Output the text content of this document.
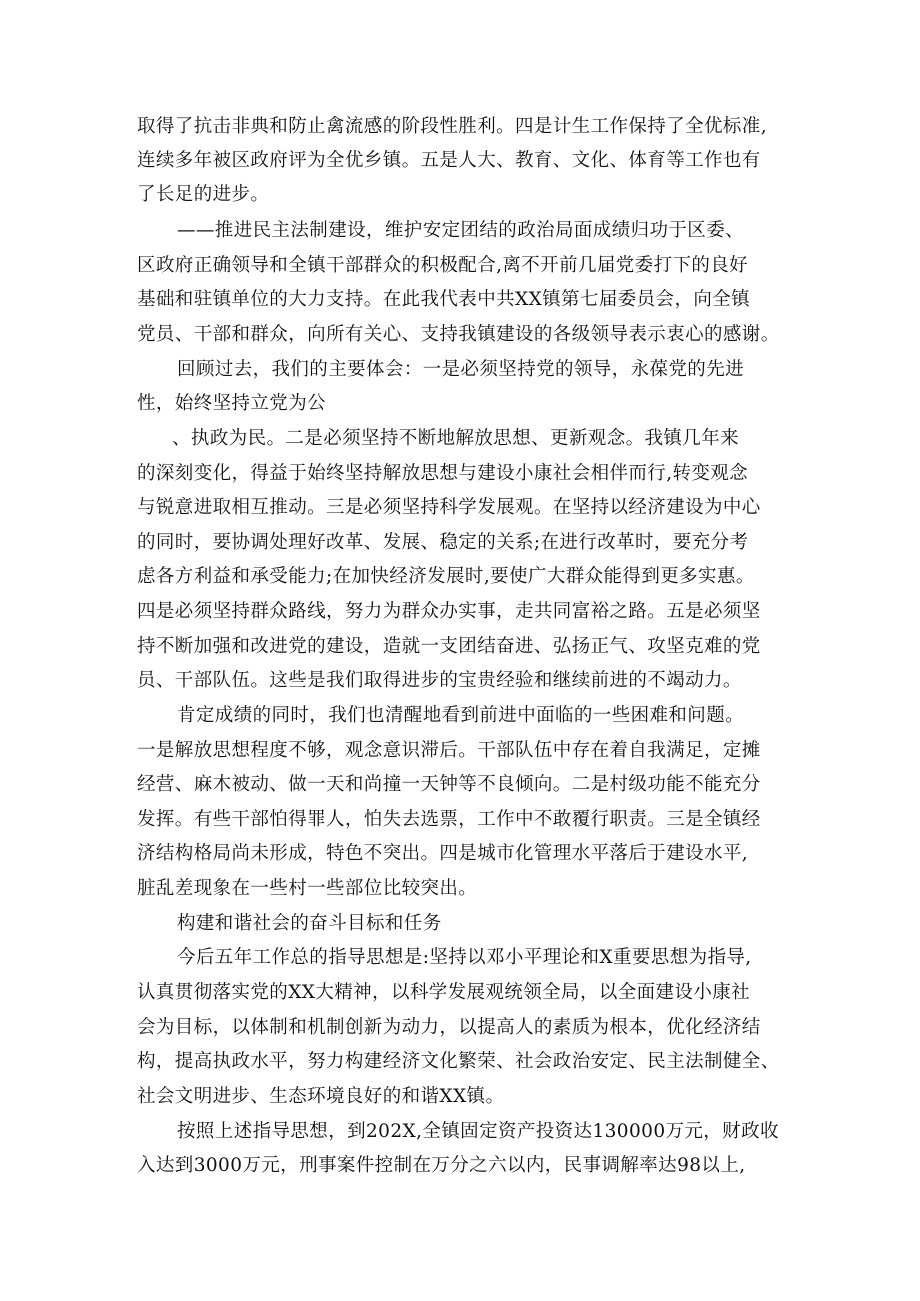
取得了抗击非典和防止禽流感的阶段性胜利。四是计生工作保持了全优标准,
连续多年被区政府评为全优乡镇。五是人大、教育、文化、体育等工作也有
了长足的进步。
——推进民主法制建设，维护安定团结的政治局面成绩归功于区委、
区政府正确领导和全镇干部群众的积极配合,离不开前几届党委打下的良好
基础和驻镇单位的大力支持。在此我代表中共XX镇第七届委员会，向全镇
党员、干部和群众，向所有关心、支持我镇建设的各级领导表示衷心的感谢。
回顾过去，我们的主要体会：一是必须坚持党的领导，永葆党的先进
性，始终坚持立党为公
、执政为民。二是必须坚持不断地解放思想、更新观念。我镇几年来
的深刻变化，得益于始终坚持解放思想与建设小康社会相伴而行,转变观念
与锐意进取相互推动。三是必须坚持科学发展观。在坚持以经济建设为中心
的同时，要协调处理好改革、发展、稳定的关系;在进行改革时，要充分考
虑各方利益和承受能力;在加快经济发展时,要使广大群众能得到更多实惠。
四是必须坚持群众路线，努力为群众办实事，走共同富裕之路。五是必须坚
持不断加强和改进党的建设，造就一支团结奋进、弘扬正气、攻坚克难的党
员、干部队伍。这些是我们取得进步的宝贵经验和继续前进的不竭动力。
肯定成绩的同时，我们也清醒地看到前进中面临的一些困难和问题。
一是解放思想程度不够，观念意识滞后。干部队伍中存在着自我满足，定摊
经营、麻木被动、做一天和尚撞一天钟等不良倾向。二是村级功能不能充分
发挥。有些干部怕得罪人，怕失去选票，工作中不敢覆行职责。三是全镇经
济结构格局尚未形成，特色不突出。四是城市化管理水平落后于建设水平,
脏乱差现象在一些村一些部位比较突出。
构建和谐社会的奋斗目标和任务
今后五年工作总的指导思想是:坚持以邓小平理论和X重要思想为指导,
认真贯彻落实党的XX大精神，以科学发展观统领全局，以全面建设小康社
会为目标，以体制和机制创新为动力，以提高人的素质为根本，优化经济结
构，提高执政水平，努力构建经济文化繁荣、社会政治安定、民主法制健全、
社会文明进步、生态环境良好的和谐XX镇。
按照上述指导思想，到202X,全镇固定资产投资达130000万元，财政收
入达到3000万元，刑事案件控制在万分之六以内，民事调解率达98以上,
